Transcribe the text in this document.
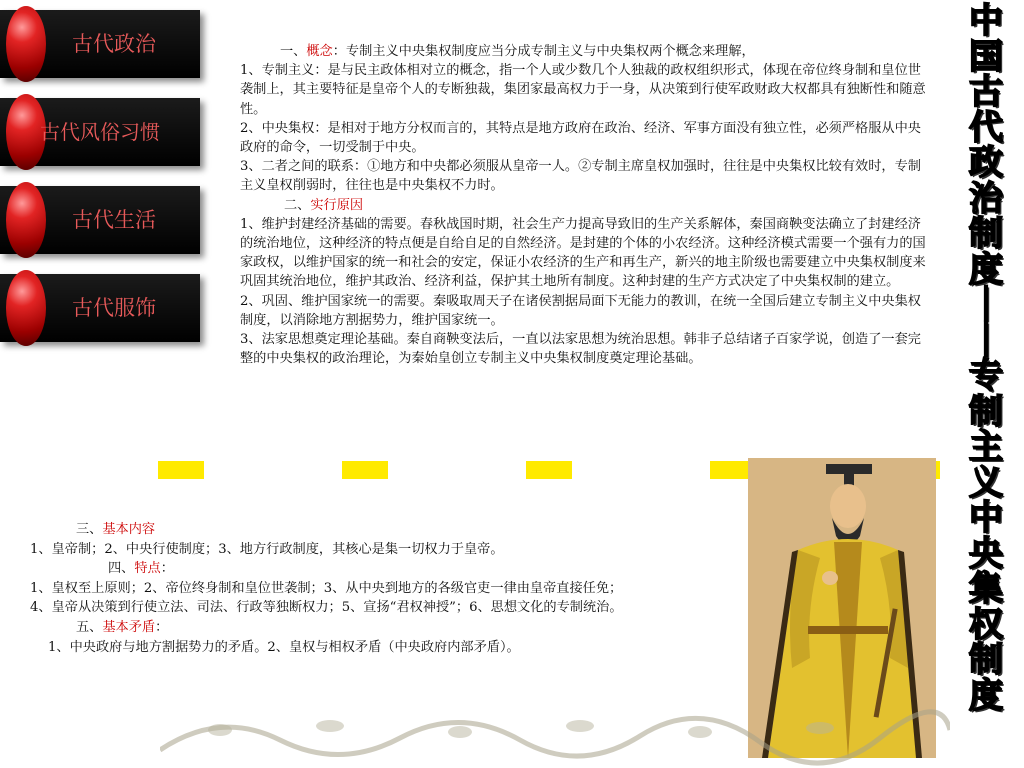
古代政治
古代风俗习惯
古代生活
古代服饰

一、概念：专制主义中央集权制度应当分成专制主义与中央集权两个概念来理解，

1、专制主义：是与民主政体相对立的概念，指一个人或少数几个人独裁的政权组织形式，体现在帝位终身制和皇位世袭制上，其主要特征是皇帝个人的专断独裁，集团家最高权力于一身，从决策到行使军政财政大权都具有独断性和随意性。

2、中央集权：是相对于地方分权而言的，其特点是地方政府在政治、经济、军事方面没有独立性，必须严格服从中央政府的命令，一切受制于中央。

3、二者之间的联系：①地方和中央都必须服从皇帝一人。②专制主席皇权加强时，往往是中央集权比较有效时，专制主义皇权削弱时，往往也是中央集权不力时。

二、实行原因

1、维护封建经济基础的需要。春秋战国时期，社会生产力提高导致旧的生产关系解体，秦国商鞅变法确立了封建经济的统治地位，这种经济的特点便是自给自足的自然经济。是封建的个体的小农经济。这种经济模式需要一个强有力的国家政权，以维护国家的统一和社会的安定，保证小农经济的生产和再生产，新兴的地主阶级也需要建立中央集权制度来巩固其统治地位，维护其政治、经济利益，保护其土地所有制度。这种封建的生产方式决定了中央集权制的建立。

2、巩固、维护国家统一的需要。秦吸取周天子在诸侯割据局面下无能力的教训，在统一全国后建立专制主义中央集权制度，以消除地方割据势力，维护国家统一。

3、法家思想奠定理论基础。秦自商鞅变法后，一直以法家思想为统治思想。韩非子总结诸子百家学说，创造了一套完整的中央集权的政治理论，为秦始皇创立专制主义中央集权制度奠定理论基础。

三、基本内容

1、皇帝制；2、中央行使制度；3、地方行政制度，其核心是集一切权力于皇帝。

四、特点：

1、皇权至上原则；2、帝位终身制和皇位世袭制；3、从中央到地方的各级官吏一律由皇帝直接任免；

4、皇帝从决策到行使立法、司法、行政等独断权力；5、宣扬“君权神授”；6、思想文化的专制统治。

五、基本矛盾：

1、中央政府与地方割据势力的矛盾。2、皇权与相权矛盾（中央政府内部矛盾）。

中
国
古
代
政
治
制
度
｜
｜
专
制
主
义
中
央
集
权
制
度
